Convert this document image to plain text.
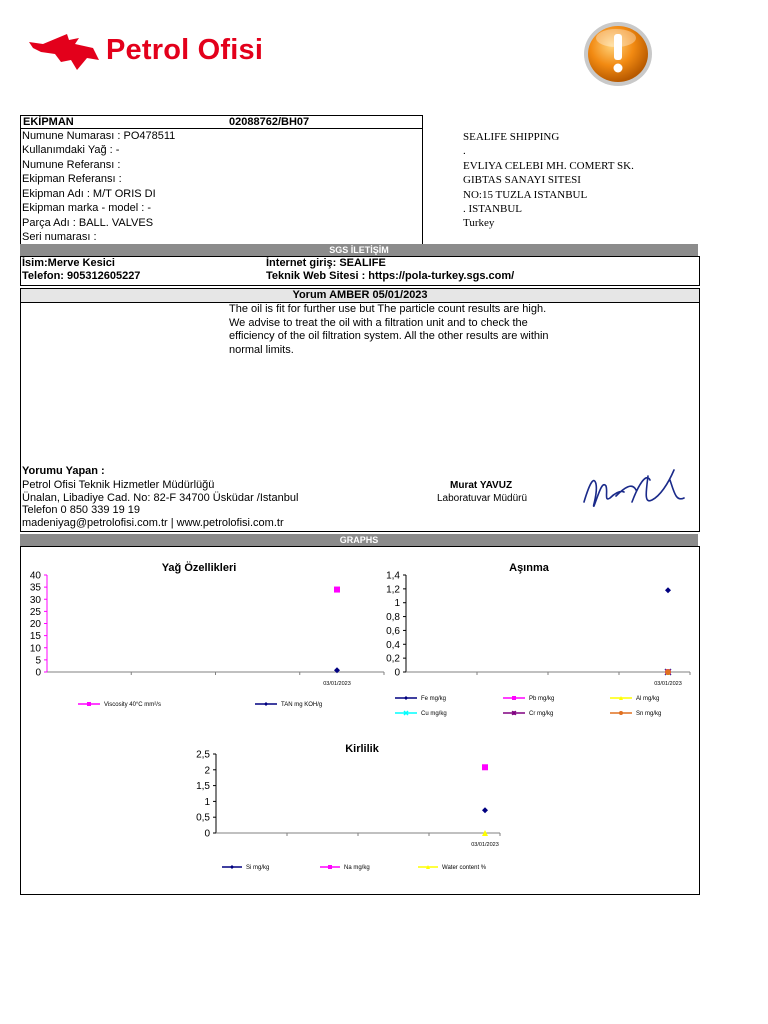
Petrol Ofisi
EKİPMAN	02088762/BH07
Numune Numarası : PO478511
Kullanımdaki Yağ : -
Numune Referansı :
Ekipman Referansı :
Ekipman Adı : M/T ORIS DI
Ekipman marka - model : -
Parça Adı : BALL. VALVES
Seri numarası :
SEALIFE SHIPPING
.
EVLIYA CELEBI MH. COMERT SK.
GIBTAS SANAYI SITESI
NO:15 TUZLA ISTANBUL
. ISTANBUL
Turkey
SGS İLETİŞİM
İsim:Merve Kesici
Telefon: 905312605227
İnternet giriş: SEALIFE
Teknik Web Sitesi : https://pola-turkey.sgs.com/
Yorum AMBER 05/01/2023
The oil is fit for further use but The particle count results are high. We advise to treat the oil with a filtration unit and to check the efficiency of the oil filtration system. All the other results are within normal limits.
Yorumu Yapan :
Petrol Ofisi Teknik Hizmetler Müdürlüğü
Ünalan, Libadiye Cad. No: 82-F 34700 Üsküdar /Istanbul
Telefon 0 850 339 19 19
madeniyag@petrolofisi.com.tr | www.petrolofisi.com.tr
Murat YAVUZ
Laboratuvar Müdürü
GRAPHS
Yağ Özellikleri
40
35
30
25
20
15
10
5
0
03/01/2023
Viscosity 40°C mm²/s	TAN mg KOH/g
Aşınma
1,4
1,2
1
0,8
0,6
0,4
0,2
0
03/01/2023
Fe mg/kg	Pb mg/kg	Al mg/kg
Cu mg/kg	Cr mg/kg	Sn mg/kg
Kirlilik
2,5
2
1,5
1
0,5
0
03/01/2023
Si mg/kg	Na mg/kg	Water content %
